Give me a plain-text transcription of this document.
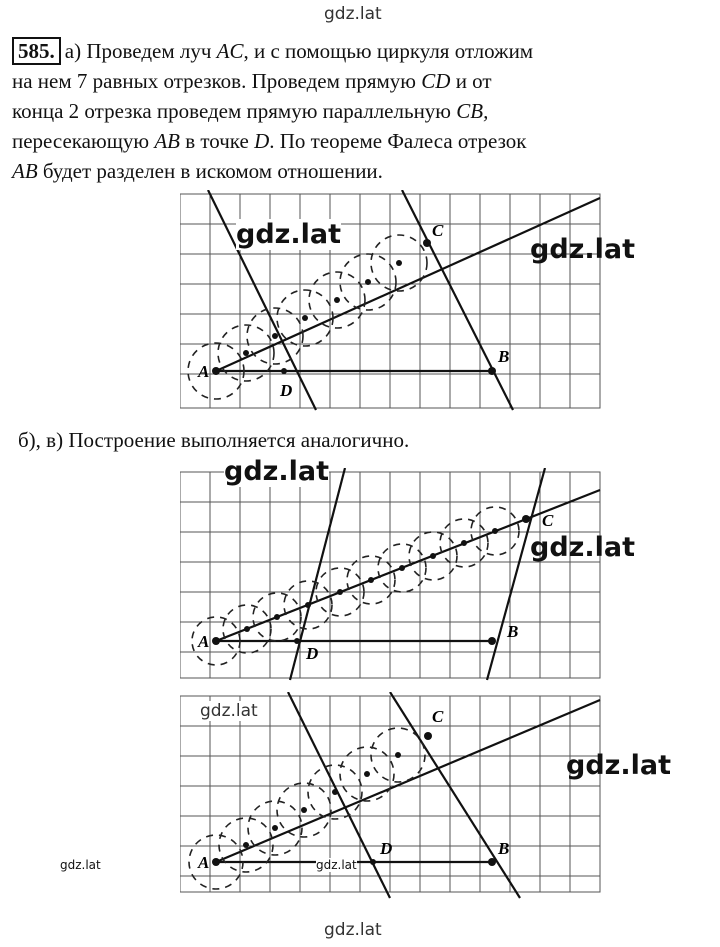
gdz.lat
585. а) Проведем луч AC, и с помощью циркуля отложим
на нем 7 равных отрезков. Проведем прямую CD и от
конца 2 отрезка проведем прямую параллельную CB,
пересекающую AB в точке D. По теореме Фалеса отрезок
AB будет разделен в искомом отношении.
A
B
C
D
gdz.lat	gdz.lat
б), в) Построение выполняется аналогично.
A
B
C
D
gdz.lat
gdz.lat
A
B
C
D
gdz.lat
gdz.lat
gdz.lat	gdz.lat
gdz.lat
